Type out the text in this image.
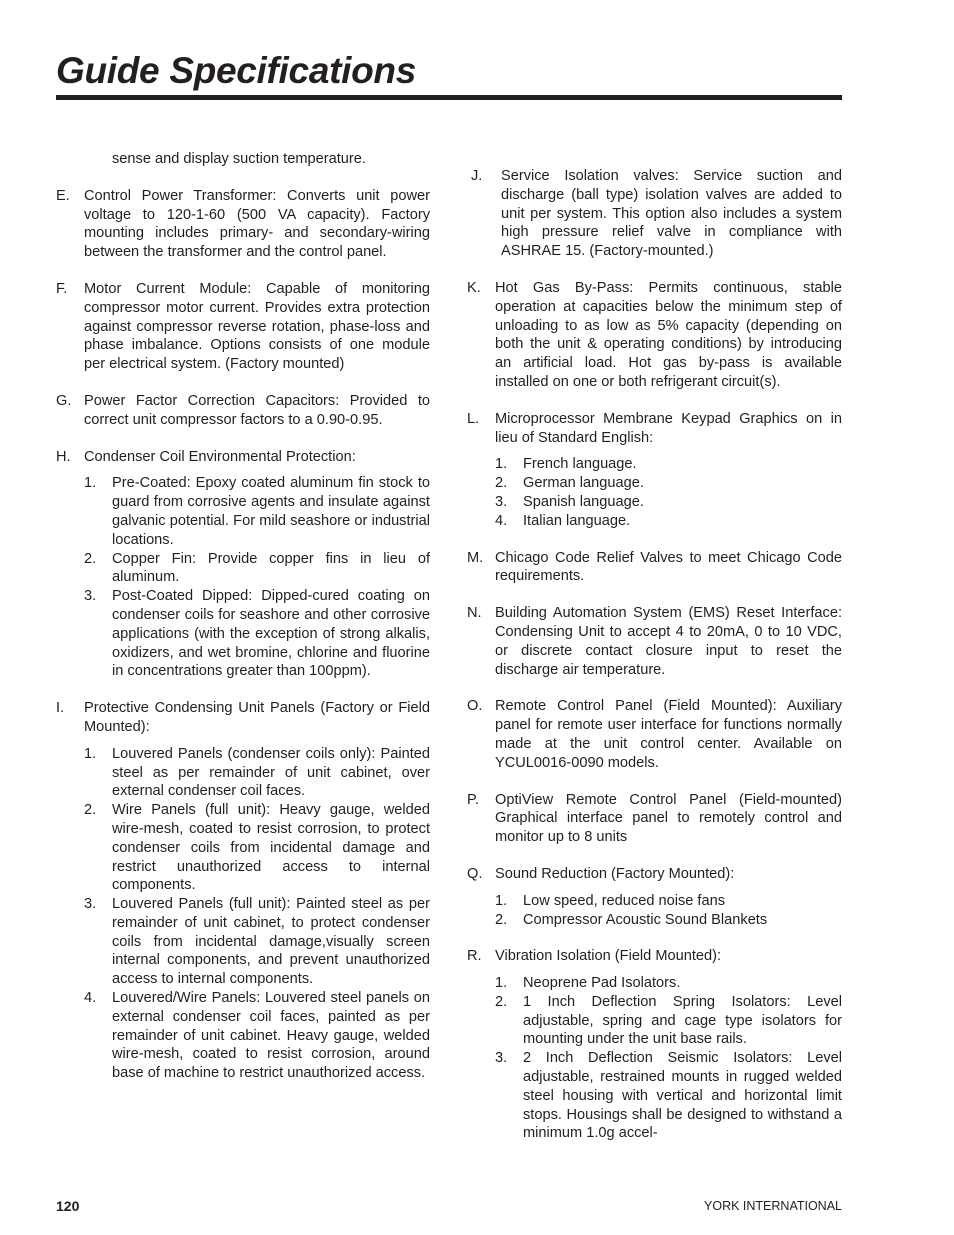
Guide Specifications
sense and display suction temperature.
E. Control Power Transformer: Converts unit power voltage to 120-1-60 (500 VA capacity). Factory mounting includes primary- and secondary-wiring between the transformer and the control panel.
F.	Motor Current Module: Capable of monitoring compressor motor current. Provides extra protection against compressor reverse rotation, phase-loss and phase imbalance. Options consists of one module per electrical system. (Factory mounted)
G. Power Factor Correction Capacitors: Provided to correct unit compressor factors to a 0.90-0.95.
H. Condenser Coil Environmental Protection:
1.	Pre-Coated: Epoxy coated aluminum fin stock to guard from corrosive agents and insulate against galvanic potential. For mild seashore or industrial locations.
2.	Copper Fin: Provide copper fins in lieu of aluminum.
3.	Post-Coated Dipped: Dipped-cured coating on condenser coils for seashore and other corrosive applications (with the exception of strong alkalis, oxidizers, and wet bromine, chlorine and fluorine in concentrations greater than 100ppm).
I.	Protective Condensing Unit Panels (Factory or Field Mounted):
1.	Louvered Panels (condenser coils only): Painted steel as per remainder of unit cabinet, over external condenser coil faces.
2.	Wire Panels (full unit): Heavy gauge, welded wire-mesh, coated to resist corrosion, to protect condenser coils from incidental damage and restrict unauthorized access to internal components.
3.	Louvered Panels (full unit): Painted steel as per remainder of unit cabinet, to protect condenser coils from incidental damage,visually screen internal components, and prevent unauthorized access to internal components.
4.	Louvered/Wire Panels: Louvered steel panels on external condenser coil faces, painted as per remainder of unit cabinet. Heavy gauge, welded wire-mesh, coated to resist corrosion, around base of machine to restrict unauthorized access.
J.	Service Isolation valves: Service suction and discharge (ball type) isolation valves are added to unit per system. This option also includes a system high pressure relief valve in compliance with ASHRAE 15. (Factory-mounted.)
K. Hot Gas By-Pass: Permits continuous, stable operation at capacities below the minimum step of unloading to as low as 5% capacity (depending on both the unit & operating conditions) by introducing an artificial load. Hot gas by-pass is available installed on one or both refrigerant circuit(s).
L.	Microprocessor Membrane Keypad Graphics on in lieu of Standard English:
1.	French language.
2.	German language.
3.	Spanish language.
4.	Italian language.
M. Chicago Code Relief Valves to meet Chicago Code requirements.
N. Building Automation System (EMS) Reset Interface: Condensing Unit to accept 4 to 20mA, 0 to 10 VDC, or discrete contact closure input to reset the discharge air temperature.
O. Remote Control Panel (Field Mounted): Auxiliary panel for remote user interface for functions normally made at the unit control center. Available on YCUL0016-0090 models.
P.	OptiView Remote Control Panel (Field-mounted) Graphical interface panel to remotely control and monitor up to 8 units
Q. Sound Reduction (Factory Mounted):
1.	Low speed, reduced noise fans
2.	Compressor Acoustic Sound Blankets
R. Vibration Isolation (Field Mounted):
1.	Neoprene Pad Isolators.
2.	1 Inch Deflection Spring Isolators: Level adjustable, spring and cage type isolators for mounting under the unit base rails.
3.	2 Inch Deflection Seismic Isolators: Level adjustable, restrained mounts in rugged welded steel housing with vertical and horizontal limit stops. Housings shall be designed to withstand a minimum 1.0g accel-
120	YORK INTERNATIONAL
